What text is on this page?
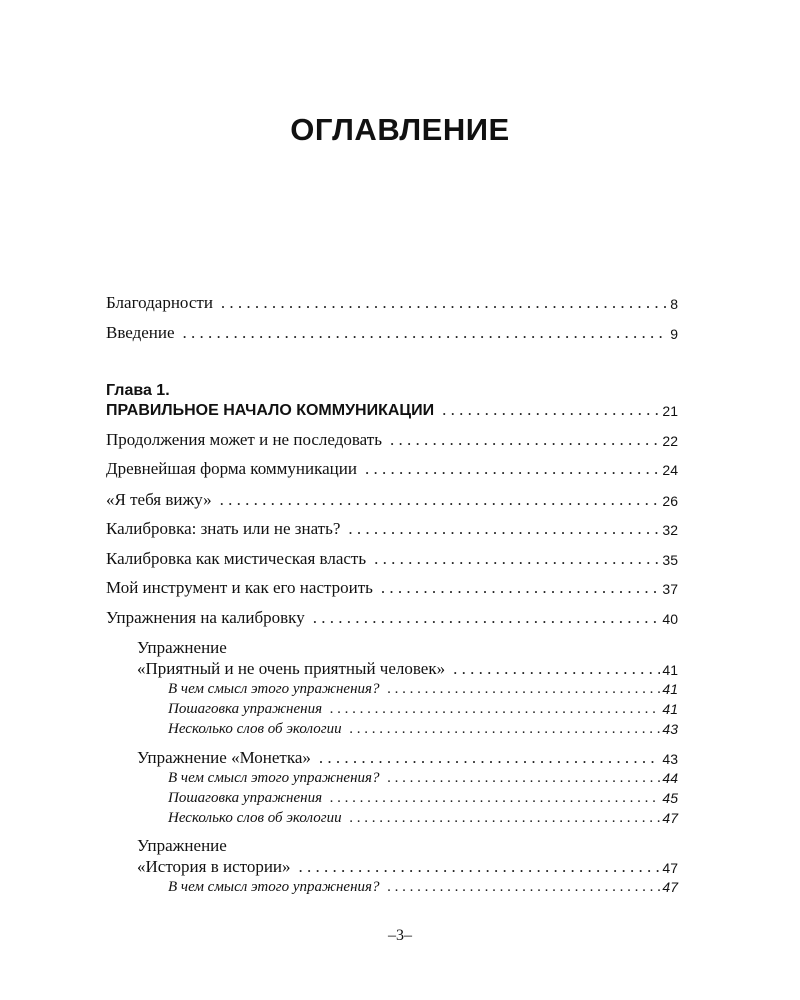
ОГЛАВЛЕНИЕ
Благодарности . . .	8
Введение . . .	9
Глава 1.
ПРАВИЛЬНОЕ НАЧАЛО КОММУНИКАЦИИ . . .	21
Продолжения может и не последовать . . .	22
Древнейшая форма коммуникации . . .	24
«Я тебя вижу» . . .	26
Калибровка: знать или не знать? . . .	32
Калибровка как мистическая власть . . .	35
Мой инструмент и как его настроить . . .	37
Упражнения на калибровку . . .	40
Упражнение
«Приятный и не очень приятный человек» . . .	41
В чем смысл этого упражнения? . . .	41
Пошаговка упражнения . . .	41
Несколько слов об экологии . . .	43
Упражнение «Монетка» . . .	43
В чем смысл этого упражнения? . . .	44
Пошаговка упражнения . . .	45
Несколько слов об экологии . . .	47
Упражнение
«История в истории» . . .	47
В чем смысл этого упражнения? . . .	47
–3–
